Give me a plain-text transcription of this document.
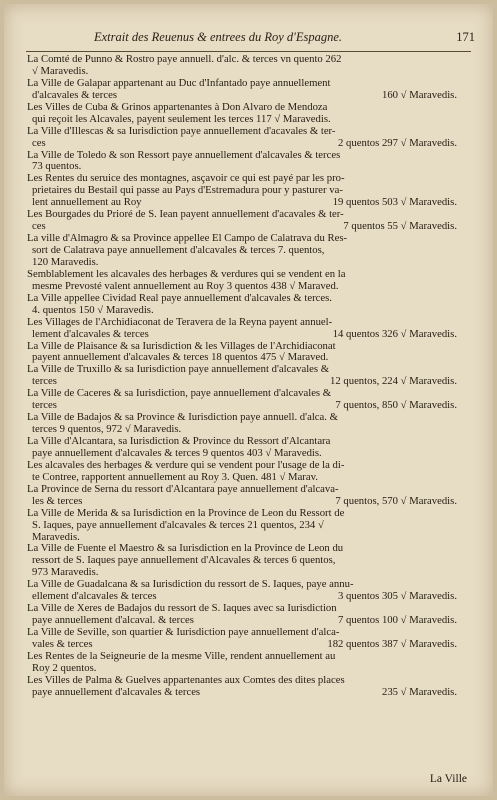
Extrait des Reuenus & entrees du Roy d'Espagne.	171
La Comté de Punno & Rostro paye annuell. d'alc. & terces vn quento 262
√ Maravedis.
La Ville de Galapar appartenant au Duc d'Infantado paye annuellement
d'alcavales & terces	160 √ Maravedis.
Les Villes de Cuba & Grinos appartenantes à Don Alvaro de Mendoza
qui reçoit les Alcavales, payent seulement les terces 117 √ Maravedis.
La Ville d'Illescas & sa Iurisdiction paye annuellement d'acavales & ter-
ces	2 quentos 297 √ Maravedis.
La Ville de Toledo & son Ressort paye annuellement d'alcavales & terces
73 quentos.
Les Rentes du seruice des montagnes, asçavoir ce qui est payé par les pro-
prietaires du Bestail qui passe au Pays d'Estremadura pour y pasturer va-
lent annuellement au Roy	19 quentos 503 √ Maravedis.
Les Bourgades du Prioré de S. Iean payent annuellement d'acavales & ter-
ces	7 quentos 55 √ Maravedis.
La ville d'Almagro & sa Province appellee El Campo de Calatrava du Res-
sort de Calatrava paye annuellement d'alcavales & terces 7. quentos,
120 Maravedis.
Semblablement les alcavales des herbages & verdures qui se vendent en la
mesme Prevosté valent annuellement au Roy 3 quentos 438 √ Maraved.
La Ville appellee Cividad Real paye annuellement d'alcavales & terces.
4. quentos 150 √ Maravedis.
Les Villages de l'Archidiaconat de Teravera de la Reyna payent annuel-
lement d'alcavales & terces	14 quentos 326 √ Maravedis.
La Ville de Plaisance & sa Iurisdiction & les Villages de l'Archidiaconat
payent annuellement d'alcavales & terces 18 quentos 475 √ Maraved.
La Ville de Truxillo & sa Iurisdiction paye annuellement d'alcavales &
terces	12 quentos, 224 √ Maravedis.
La Ville de Caceres & sa Iurisdiction, paye annuellement d'alcavales &
terces	7 quentos, 850 √ Maravedis.
La Ville de Badajos & sa Province & Iurisdiction paye annuell. d'alca. &
terces 9 quentos, 972 √ Maravedis.
La Ville d'Alcantara, sa Iurisdiction & Province du Ressort d'Alcantara
paye annuellement d'alcavales & terces 9 quentos 403 √ Maravedis.
Les alcavales des herbages & verdure qui se vendent pour l'usage de la di-
te Contree, rapportent annuellement au Roy 3. Quen. 481 √ Marav.
La Province de Serna du ressort d'Alcantara paye annuellement d'alcava-
les & terces	7 quentos, 570 √ Maravedis.
La Ville de Merida & sa Iurisdiction en la Province de Leon du Ressort de
S. Iaques, paye annuellement d'alcavales & terces 21 quentos, 234 √
Maravedis.
La Ville de Fuente el Maestro & sa Iurisdiction en la Province de Leon du
ressort de S. Iaques paye annuellement d'Alcavales & terces 6 quentos,
973 Maravedis.
La Ville de Guadalcana & sa Iurisdiction du ressort de S. Iaques, paye annu-
ellement d'alcavales & terces	3 quentos 305 √ Maravedis.
La Ville de Xeres de Badajos du ressort de S. Iaques avec sa Iurisdiction
paye annuellement d'alcaval. & terces	7 quentos 100 √ Maravedis.
La Ville de Seville, son quartier & Iurisdiction paye annuellement d'alca-
vales & terces	182 quentos 387 √ Maravedis.
Les Rentes de la Seigneurie de la mesme Ville, rendent annuellement au
Roy 2 quentos.
Les Villes de Palma & Guelves appartenantes aux Comtes des dites places
paye annuellement d'alcavales & terces	235 √ Maravedis.
La Ville
